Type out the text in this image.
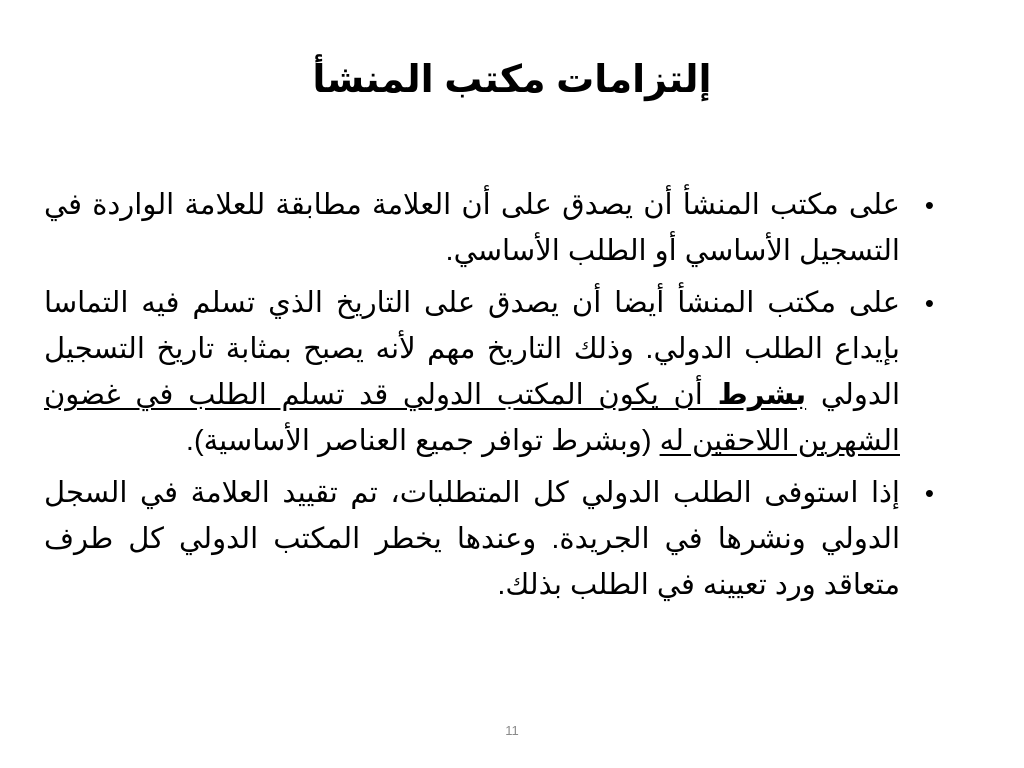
إلتزامات مكتب المنشأ
•
على مكتب المنشأ أن يصدق على أن العلامة مطابقة للعلامة الواردة في التسجيل الأساسي أو الطلب الأساسي.
•
على مكتب المنشأ أيضا أن يصدق على التاريخ الذي تسلم فيه التماسا بإيداع الطلب الدولي. وذلك التاريخ مهم لأنه يصبح بمثابة تاريخ التسجيل الدولي بشرط أن يكون المكتب الدولي قد تسلم الطلب في غضون الشهرين اللاحقين له (وبشرط توافر جميع العناصر الأساسية).
•
إذا استوفى الطلب الدولي كل المتطلبات، تم تقييد العلامة في السجل الدولي ونشرها في الجريدة. وعندها يخطر المكتب الدولي كل طرف متعاقد ورد تعيينه في الطلب بذلك.
11
